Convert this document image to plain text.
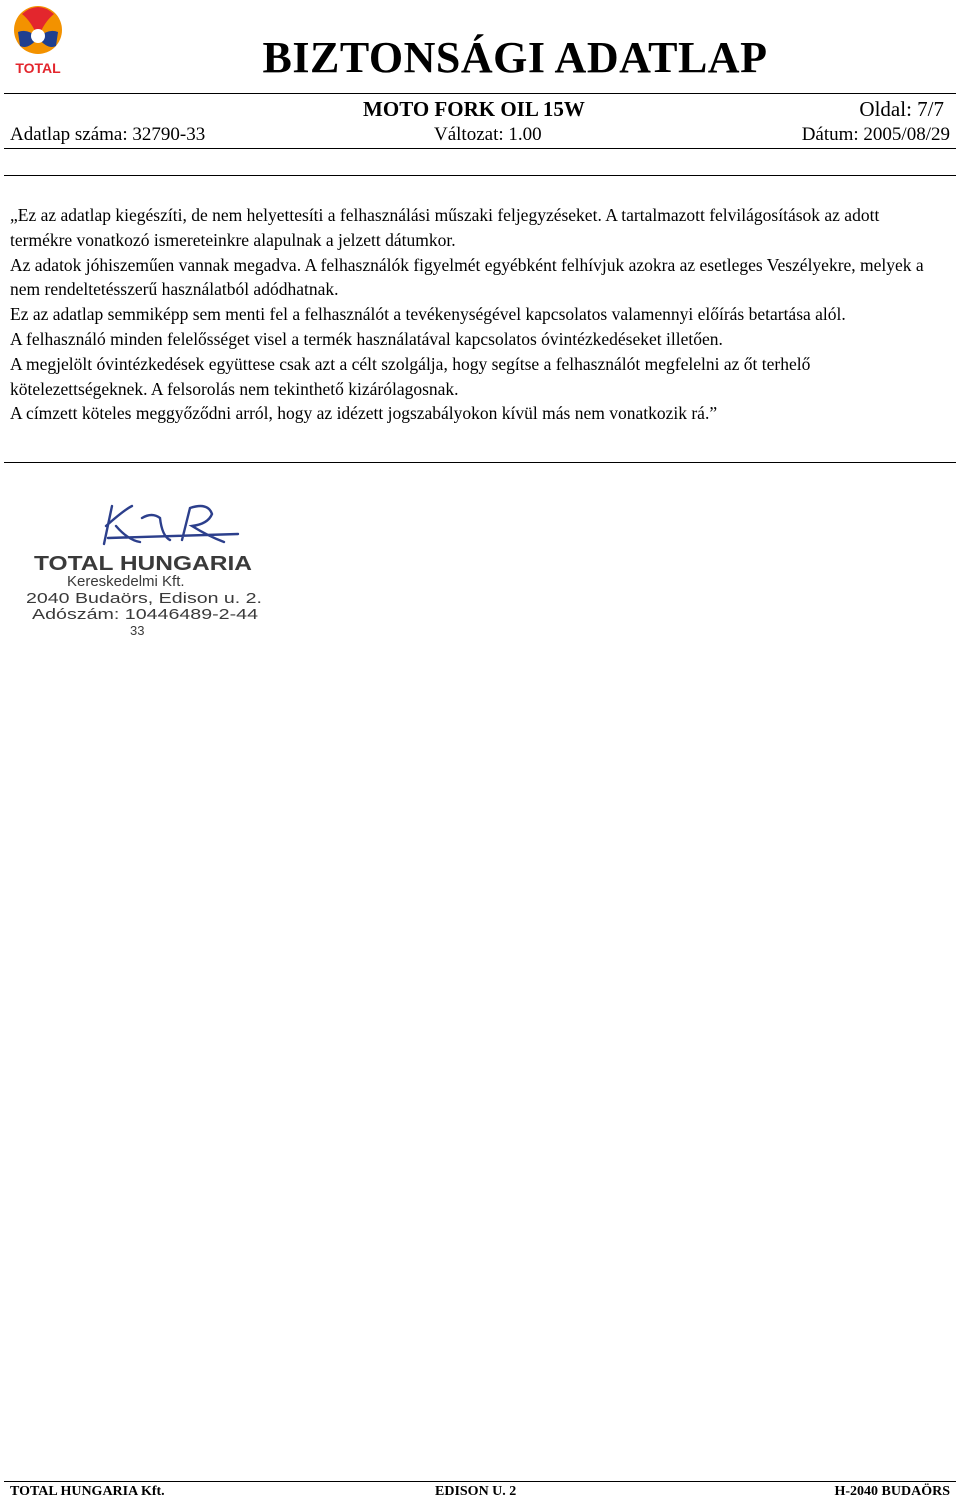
TOTAL	BIZTONSÁGI ADATLAP
MOTO FORK OIL 15W	Oldal: 7/7
Adatlap száma: 32790-33	Változat: 1.00	Dátum: 2005/08/29

„Ez az adatlap kiegészíti, de nem helyettesíti a felhasználási műszaki feljegyzéseket. A tartalmazott felvilágosítások az adott termékre vonatkozó ismereteinkre alapulnak a jelzett dátumkor.

Az adatok jóhiszeműen vannak megadva. A felhasználók figyelmét egyébként felhívjuk azokra az esetleges Veszélyekre, melyek a nem rendeltetésszerű használatból adódhatnak.

Ez az adatlap semmiképp sem menti fel a felhasználót a tevékenységével kapcsolatos valamennyi előírás betartása alól.

A felhasználó minden felelősséget visel a termék használatával kapcsolatos óvintézkedéseket illetően.

A megjelölt óvintézkedések együttese csak azt a célt szolgálja, hogy segítse a felhasználót megfelelni az őt terhelő kötelezettségeknek. A felsorolás nem tekinthető kizárólagosnak.

A címzett köteles meggyőződni arról, hogy az idézett jogszabályokon kívül más nem vonatkozik rá.”

TOTAL HUNGARIA
Kereskedelmi Kft.
2040 Budaörs, Edison u. 2.
Adószám: 10446489-2-44
33
TOTAL HUNGARIA Kft.	EDISON U. 2	H-2040 BUDAÖRS
